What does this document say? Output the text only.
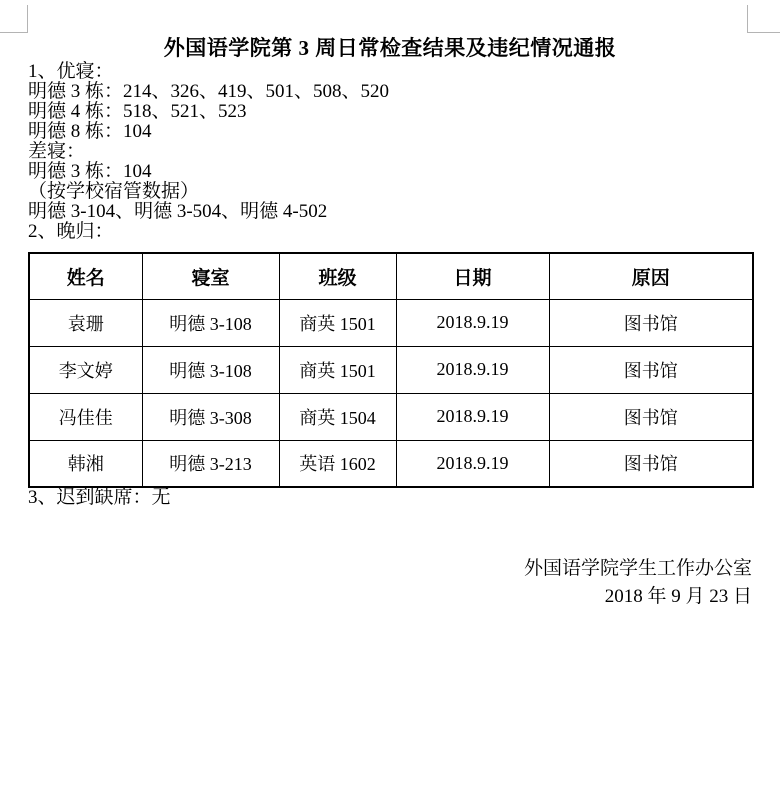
外国语学院第 3 周日常检查结果及违纪情况通报

1、优寝：

明德 3 栋：214、326、419、501、508、520

明德 4 栋：518、521、523

明德 8 栋：104

差寝：

明德 3 栋：104

（按学校宿管数据）

明德 3-104、明德 3-504、明德 4-502

2、晚归：

姓名	寝室	班级	日期	原因
袁珊	明德 3-108	商英 1501	2018.9.19	图书馆
李文婷	明德 3-108	商英 1501	2018.9.19	图书馆
冯佳佳	明德 3-308	商英 1504	2018.9.19	图书馆
韩湘	明德 3-213	英语 1602	2018.9.19	图书馆

3、迟到缺席：无

外国语学院学生工作办公室

2018 年 9 月 23 日
